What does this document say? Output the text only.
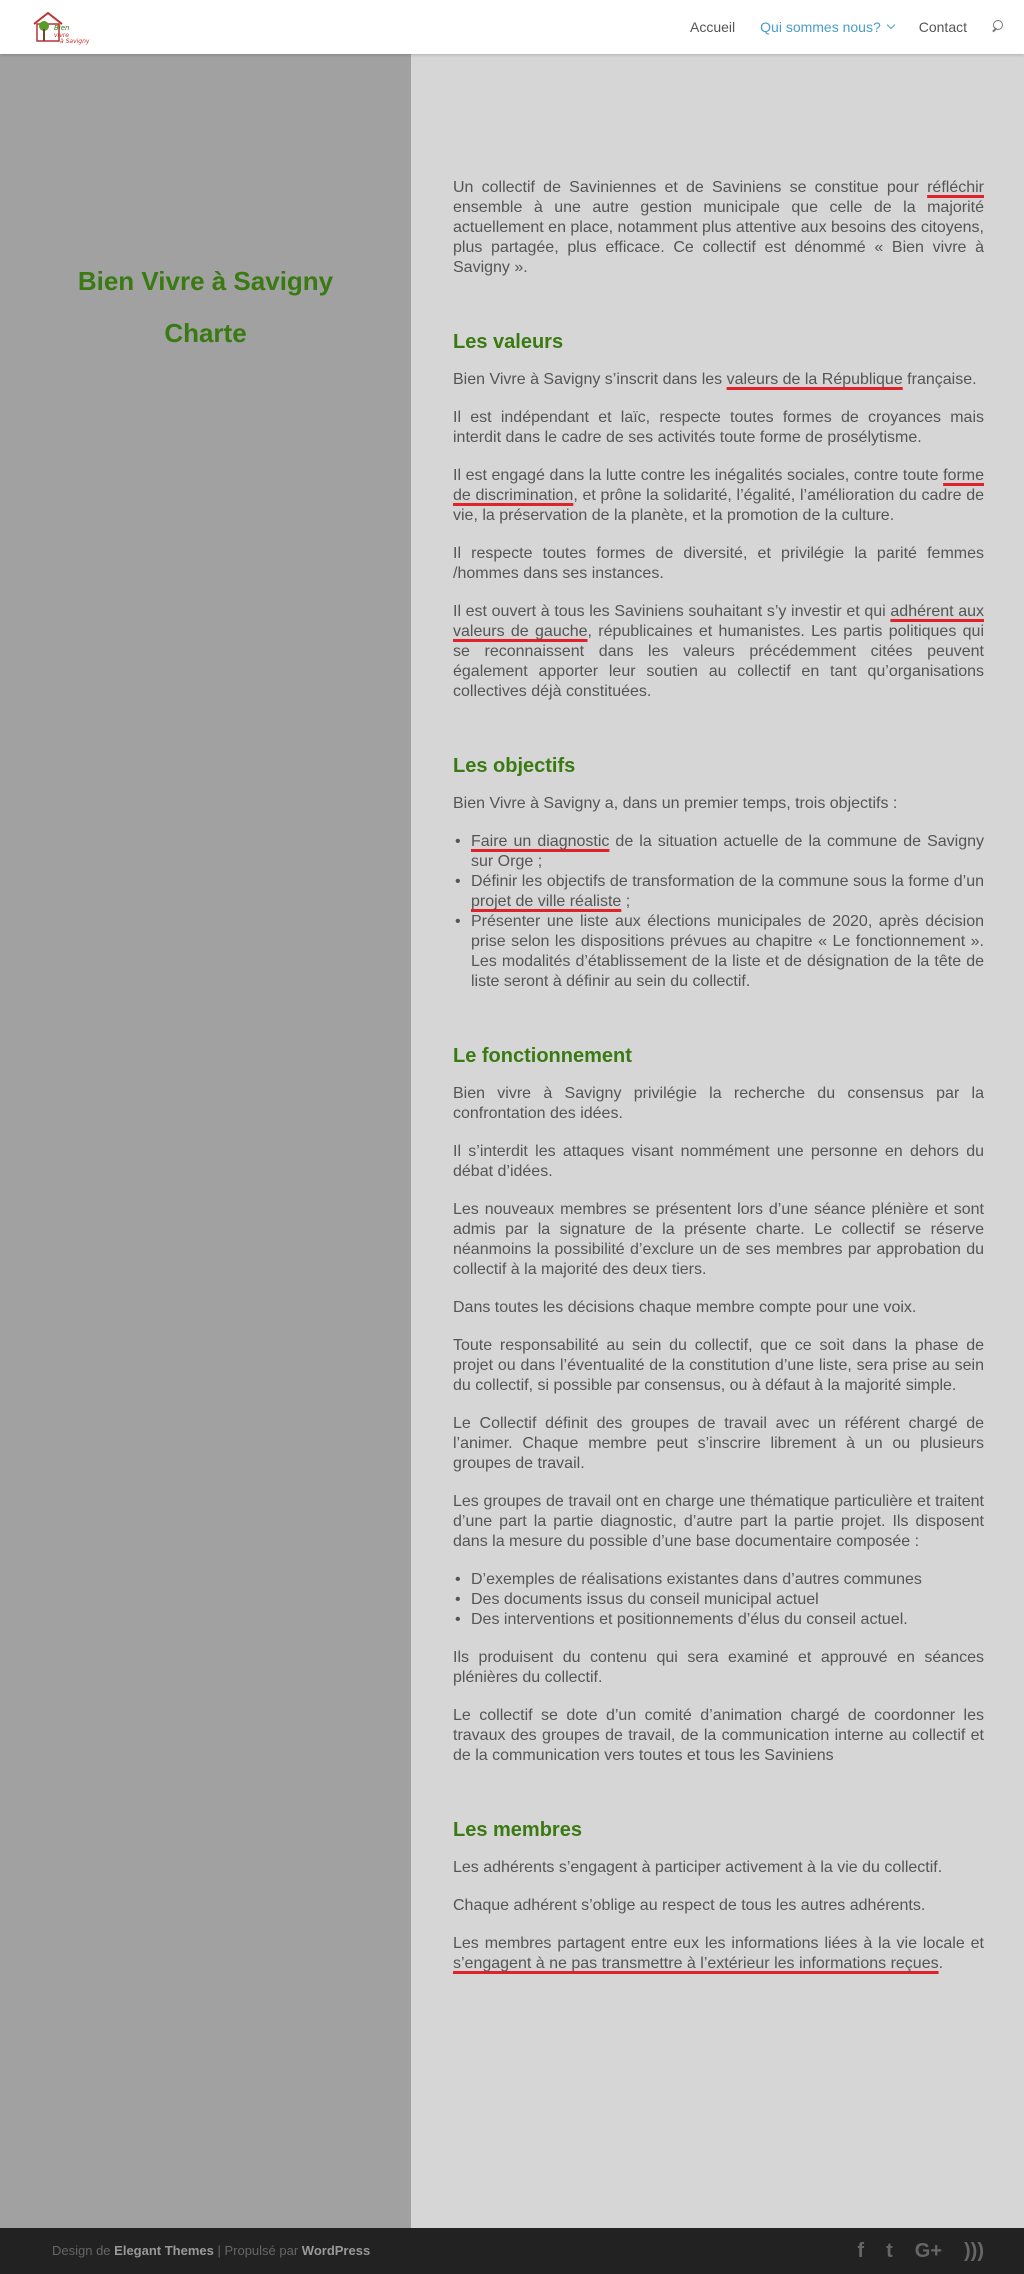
Bien
vivre
à Savigny
Accueil Qui sommes nous?	Contact
Bien Vivre à Savigny
Charte

Un collectif de Saviniennes et de Saviniens se constitue pour réfléchir ensemble à une autre gestion municipale que celle de la majorité actuellement en place, notamment plus attentive aux besoins des citoyens, plus partagée, plus efficace. Ce collectif est dénommé « Bien vivre à Savigny ».

Les valeurs

Bien Vivre à Savigny s’inscrit dans les valeurs de la République française.

Il est indépendant et laïc, respecte toutes formes de croyances mais interdit dans le cadre de ses activités toute forme de prosélytisme.

Il est engagé dans la lutte contre les inégalités sociales, contre toute forme de discrimination, et prône la solidarité, l’égalité, l’amélioration du cadre de vie, la préservation de la planète, et la promotion de la culture.

Il respecte toutes formes de diversité, et privilégie la parité femmes /hommes dans ses instances.

Il est ouvert à tous les Saviniens souhaitant s’y investir et qui adhérent aux valeurs de gauche, républicaines et humanistes. Les partis politiques qui se reconnaissent dans les valeurs précédemment citées peuvent également apporter leur soutien au collectif en tant qu’organisations collectives déjà constituées.

Les objectifs

Bien Vivre à Savigny a, dans un premier temps, trois objectifs :

• Faire un diagnostic de la situation actuelle de la commune de Savigny sur Orge ;
• Définir les objectifs de transformation de la commune sous la forme d’un projet de ville réaliste ;
• Présenter une liste aux élections municipales de 2020, après décision prise selon les dispositions prévues au chapitre « Le fonctionnement ». Les modalités d’établissement de la liste et de désignation de la tête de liste seront à définir au sein du collectif.
Le fonctionnement

Bien vivre à Savigny privilégie la recherche du consensus par la confrontation des idées.

Il s’interdit les attaques visant nommément une personne en dehors du débat d’idées.

Les nouveaux membres se présentent lors d’une séance plénière et sont admis par la signature de la présente charte. Le collectif se réserve néanmoins la possibilité d’exclure un de ses membres par approbation du collectif à la majorité des deux tiers.

Dans toutes les décisions chaque membre compte pour une voix.

Toute responsabilité au sein du collectif, que ce soit dans la phase de projet ou dans l’éventualité de la constitution d’une liste, sera prise au sein du collectif, si possible par consensus, ou à défaut à la majorité simple.

Le Collectif définit des groupes de travail avec un référent chargé de l’animer. Chaque membre peut s’inscrire librement à un ou plusieurs groupes de travail.

Les groupes de travail ont en charge une thématique particulière et traitent d’une part la partie diagnostic, d’autre part la partie projet. Ils disposent dans la mesure du possible d’une base documentaire composée :

• D’exemples de réalisations existantes dans d’autres communes
• Des documents issus du conseil municipal actuel
• Des interventions et positionnements d’élus du conseil actuel.

Ils produisent du contenu qui sera examiné et approuvé en séances plénières du collectif.

Le collectif se dote d’un comité d’animation chargé de coordonner les travaux des groupes de travail, de la communication interne au collectif et de la communication vers toutes et tous les Saviniens

Les membres

Les adhérents s’engagent à participer activement à la vie du collectif.

Chaque adhérent s’oblige au respect de tous les autres adhérents.

Les membres partagent entre eux les informations liées à la vie locale et s’engagent à ne pas transmettre à l’extérieur les informations reçues.

Design de Elegant Themes | Propulsé par WordPress	f t G+ )))
